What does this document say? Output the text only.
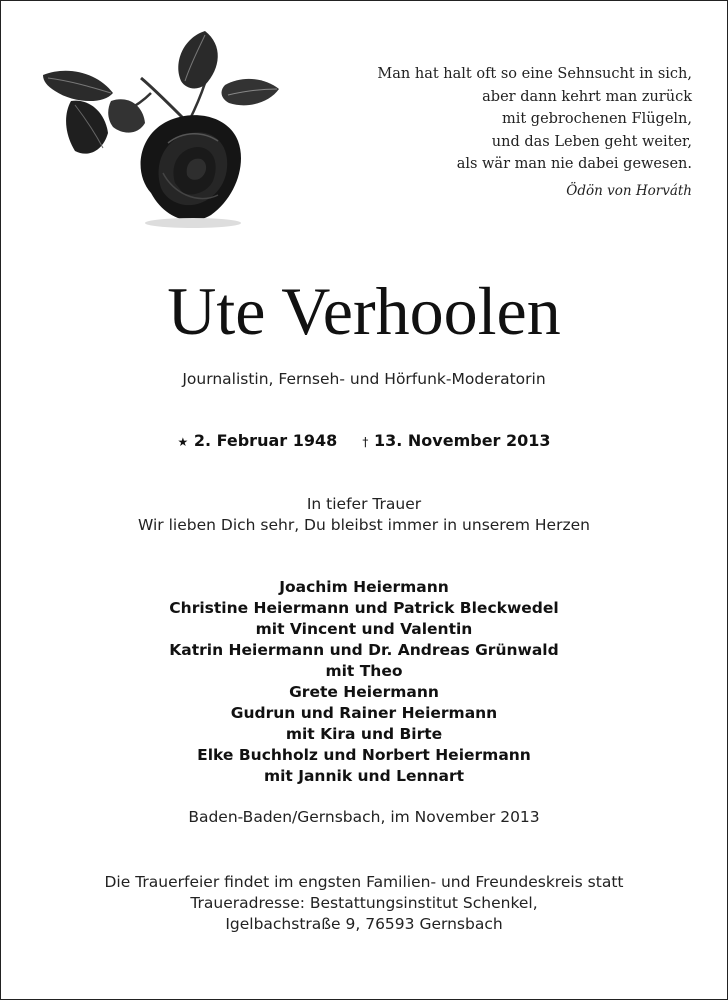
Man hat halt oft so eine Sehnsucht in sich,
aber dann kehrt man zurück
mit gebrochenen Flügeln,
und das Leben geht weiter,
als wär man nie dabei gewesen.
Ödön von Horváth
Ute Verhoolen
Journalistin, Fernseh- und Hörfunk-Moderatorin
★ 2. Februar 1948 † 13. November 2013
In tiefer Trauer
Wir lieben Dich sehr, Du bleibst immer in unserem Herzen
Joachim Heiermann
Christine Heiermann und Patrick Bleckwedel
mit Vincent und Valentin
Katrin Heiermann und Dr. Andreas Grünwald
mit Theo
Grete Heiermann
Gudrun und Rainer Heiermann
mit Kira und Birte
Elke Buchholz und Norbert Heiermann
mit Jannik und Lennart
Baden-Baden/Gernsbach, im November 2013
Die Trauerfeier findet im engsten Familien- und Freundeskreis statt
Traueradresse: Bestattungsinstitut Schenkel,
Igelbachstraße 9, 76593 Gernsbach
